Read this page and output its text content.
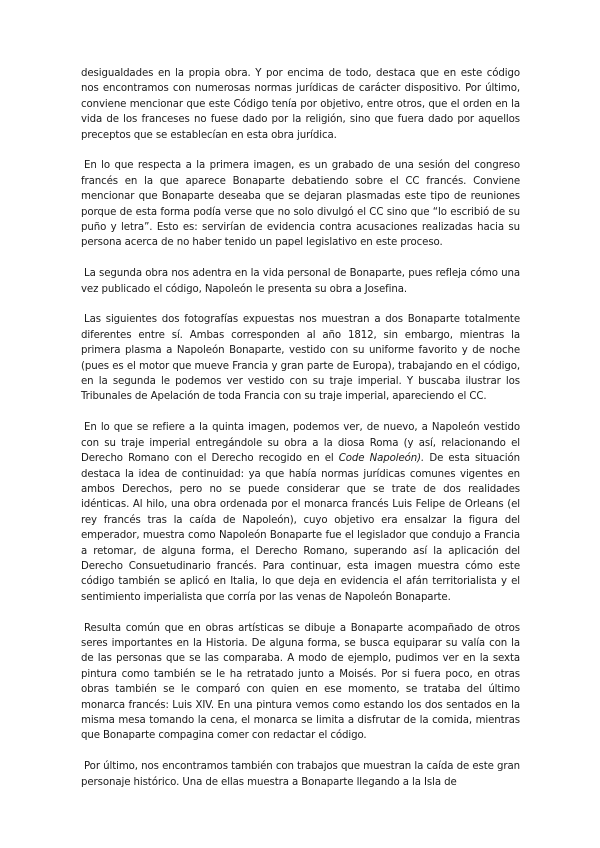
desigualdades en la propia obra. Y por encima de todo, destaca que en este código nos encontramos con numerosas normas jurídicas de carácter dispositivo. Por último, conviene mencionar que este Código tenía por objetivo, entre otros, que el orden en la vida de los franceses no fuese dado por la religión, sino que fuera dado por aquellos preceptos que se establecían en esta obra jurídica.

En lo que respecta a la primera imagen, es un grabado de una sesión del congreso francés en la que aparece Bonaparte debatiendo sobre el CC francés. Conviene mencionar que Bonaparte deseaba que se dejaran plasmadas este tipo de reuniones porque de esta forma podía verse que no solo divulgó el CC sino que “lo escribió de su puño y letra”. Esto es: servirían de evidencia contra acusaciones realizadas hacia su persona acerca de no haber tenido un papel legislativo en este proceso.

La segunda obra nos adentra en la vida personal de Bonaparte, pues refleja cómo una vez publicado el código, Napoleón le presenta su obra a Josefina.

Las siguientes dos fotografías expuestas nos muestran a dos Bonaparte totalmente diferentes entre sí. Ambas corresponden al año 1812, sin embargo, mientras la primera plasma a Napoleón Bonaparte, vestido con su uniforme favorito y de noche (pues es el motor que mueve Francia y gran parte de Europa), trabajando en el código, en la segunda le podemos ver vestido con su traje imperial. Y buscaba ilustrar los Tribunales de Apelación de toda Francia con su traje imperial, apareciendo el CC.

En lo que se refiere a la quinta imagen, podemos ver, de nuevo, a Napoleón vestido con su traje imperial entregándole su obra a la diosa Roma (y así, relacionando el Derecho Romano con el Derecho recogido en el Code Napoleón). De esta situación destaca la idea de continuidad: ya que había normas jurídicas comunes vigentes en ambos Derechos, pero no se puede considerar que se trate de dos realidades idénticas. Al hilo, una obra ordenada por el monarca francés Luis Felipe de Orleans (el rey francés tras la caída de Napoleón), cuyo objetivo era ensalzar la figura del emperador, muestra como Napoleón Bonaparte fue el legislador que condujo a Francia a retomar, de alguna forma, el Derecho Romano, superando así la aplicación del Derecho Consuetudinario francés. Para continuar, esta imagen muestra cómo este código también se aplicó en Italia, lo que deja en evidencia el afán territorialista y el sentimiento imperialista que corría por las venas de Napoleón Bonaparte.

Resulta común que en obras artísticas se dibuje a Bonaparte acompañado de otros seres importantes en la Historia. De alguna forma, se busca equiparar su valía con la de las personas que se las comparaba. A modo de ejemplo, pudimos ver en la sexta pintura como también se le ha retratado junto a Moisés. Por si fuera poco, en otras obras también se le comparó con quien en ese momento, se trataba del último monarca francés: Luis XIV. En una pintura vemos como estando los dos sentados en la misma mesa tomando la cena, el monarca se limita a disfrutar de la comida, mientras que Bonaparte compagina comer con redactar el código.

Por último, nos encontramos también con trabajos que muestran la caída de este gran personaje histórico. Una de ellas muestra a Bonaparte llegando a la Isla de
